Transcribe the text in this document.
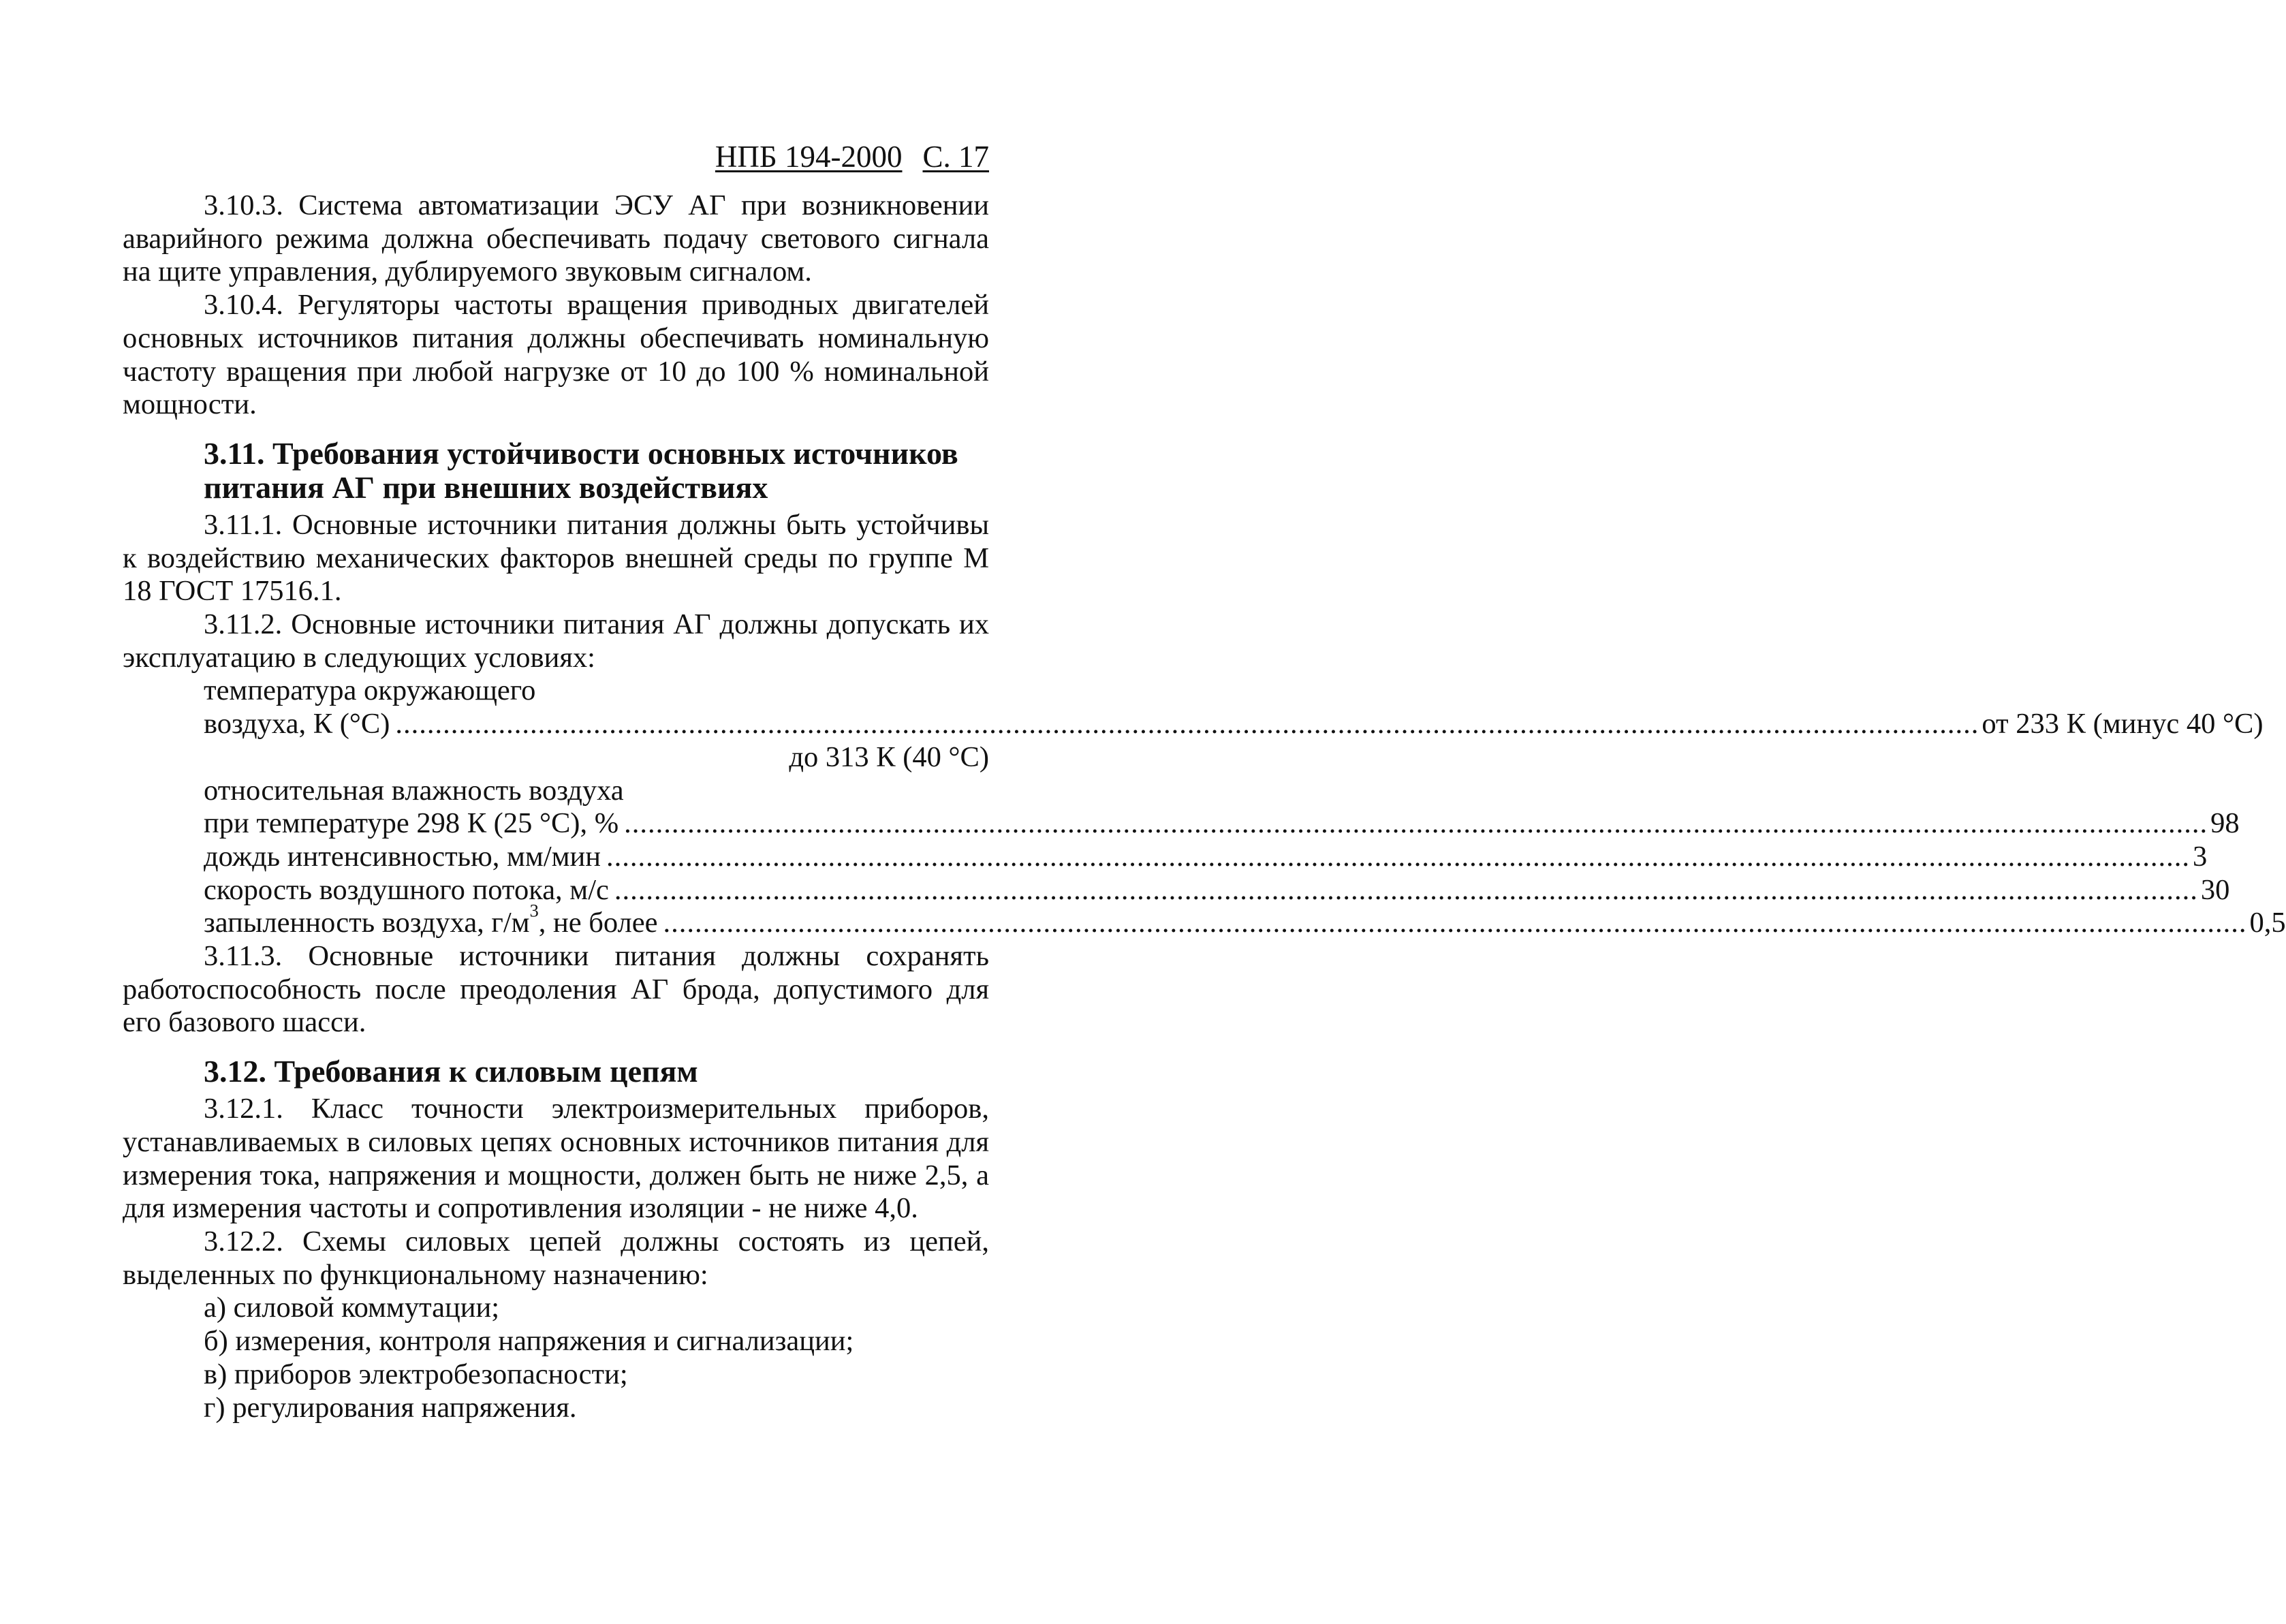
НПБ 194-2000 С. 17

3.10.3. Система автоматизации ЭСУ АГ при возникновении аварийного режима должна обеспечивать подачу светового сигнала на щите управления, дублируемого звуковым сигналом.

3.10.4. Регуляторы частоты вращения приводных двигателей основных источников питания должны обеспечивать номинальную частоту вращения при любой нагрузке от 10 до 100 % номинальной мощности.

3.11. Требования устойчивости основных источников
питания АГ при внешних воздействиях

3.11.1. Основные источники питания должны быть устойчивы к воздействию механических факторов внешней среды по группе М 18 ГОСТ 17516.1.

3.11.2. Основные источники питания АГ должны допускать их эксплуатацию в следующих условиях:

температура окружающего
воздуха, К (°С) ........................................................................................................................................................................................................ от 233 К (минус 40 °С)
до 313 К (40 °С)
относительная влажность воздуха
при температуре 298 К (25 °С), % ........................................................................................................................................................................................................ 98
дождь интенсивностью, мм/мин ........................................................................................................................................................................................................ 3
скорость воздушного потока, м/с ........................................................................................................................................................................................................ 30
запыленность воздуха, $г/м^3$, не более ........................................................................................................................................................................................................ 0,5

3.11.3. Основные источники питания должны сохранять работоспособность после преодоления АГ брода, допустимого для его базового шасси.

3.12. Требования к силовым цепям

3.12.1. Класс точности электроизмерительных приборов, устанавливаемых в силовых цепях основных источников питания для измерения тока, напряжения и мощности, должен быть не ниже 2,5, а для измерения частоты и сопротивления изоляции - не ниже 4,0.

3.12.2. Схемы силовых цепей должны состоять из цепей, выделенных по функциональному назначению:

а) силовой коммутации;
б) измерения, контроля напряжения и сигнализации;
в) приборов электробезопасности;
г) регулирования напряжения.
